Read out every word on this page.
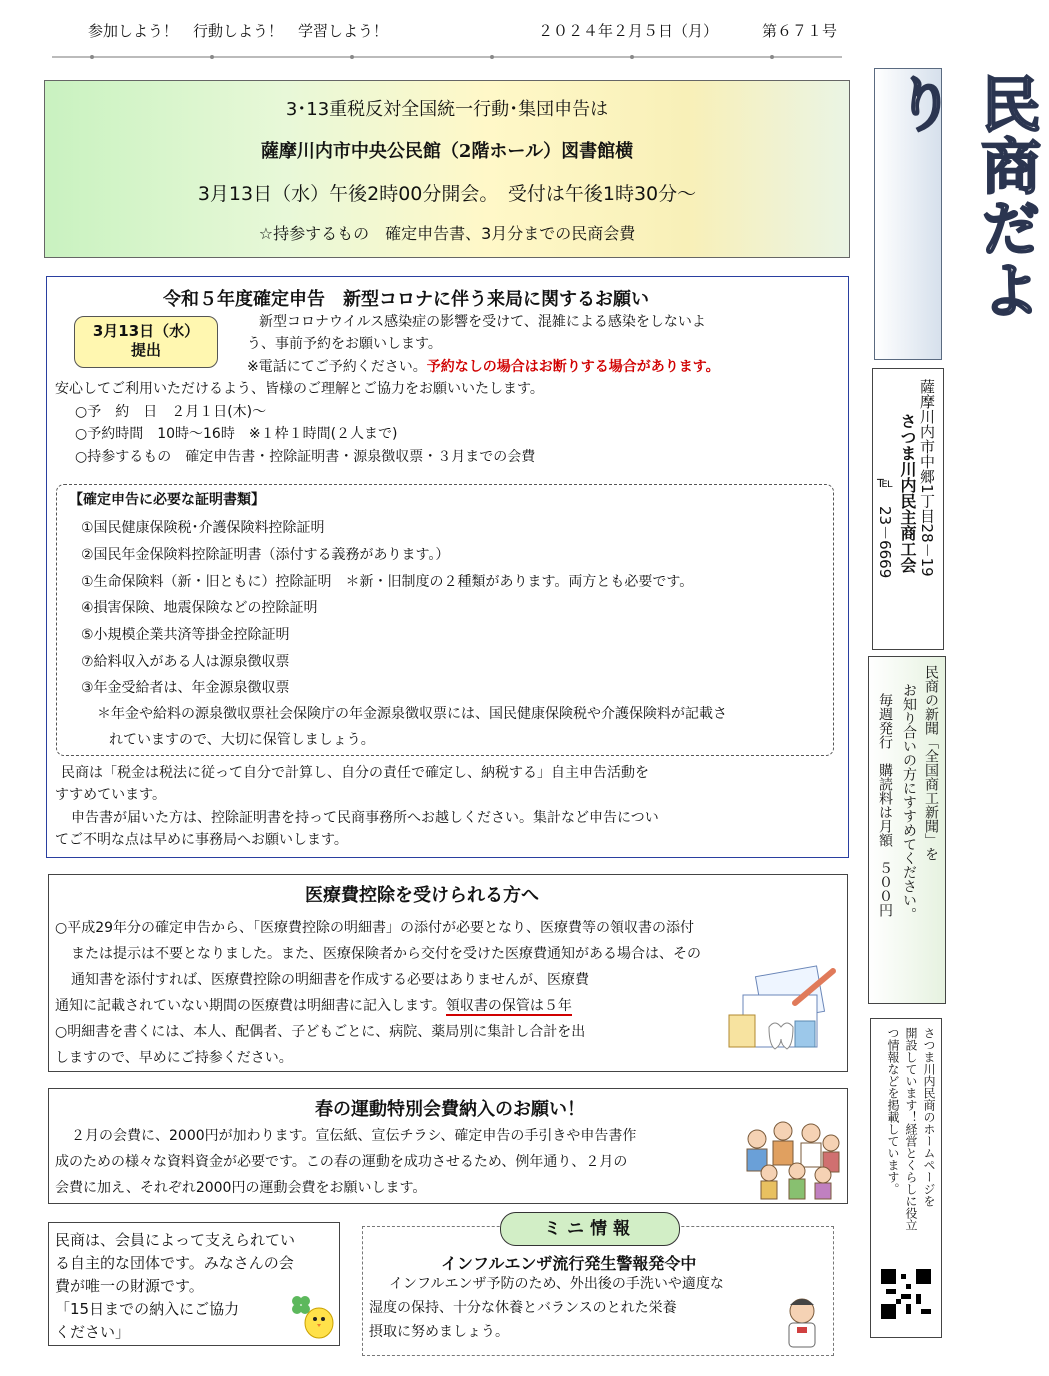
参加しよう！　行動しよう！　学習しよう！	２０２４年２月５日（月）	第６７１号
3･13重税反対全国統一行動･集団申告は
薩摩川内市中央公民館（2階ホール）図書館横
3月13日（水）午後2時00分開会。　受付は午後1時30分～
☆持参するもの　確定申告書、3月分までの民商会費	民商だより
薩摩川内市中郷1丁目28－19
さつま川内民主商工会
℡　23－6669
民商の新聞「全国商工新聞」を
お知り合いの方にすすめてください。
毎週発行　購読料は月額　５００円
さつま川内民商のホームページを
開設しています！経営とくらしに役立
つ情報などを掲載しています。
令和５年度確定申告　新型コロナに伴う来局に関するお願い
新型コロナウイルス感染症の影響を受けて、混雑による感染をしないよ
う、事前予約をお願いします。
※電話にてご予約ください。予約なしの場合はお断りする場合があります。
安心してご利用いただけるよう、皆様のご理解とご協力をお願いいたします。
○予　約　日　２月１日(木)～
○予約時間　10時～16時　※１枠１時間(２人まで)
○持参するもの　確定申告書・控除証明書・源泉徴収票・３月までの会費
民商は「税金は税法に従って自分で計算し、自分の責任で確定し、納税する」自主申告活動を
すすめています。
申告書が届いた方は、控除証明書を持って民商事務所へお越しください。集計など申告につい
てご不明な点は早めに事務局へお願いします。
3月13日（水）
提出
【確定申告に必要な証明書類】
①国民健康保険税･介護保険料控除証明
②国民年金保険料控除証明書（添付する義務があります。）
①生命保険料（新・旧ともに）控除証明　＊新・旧制度の２種類があります。両方とも必要です。
④損害保険、地震保険などの控除証明
⑤小規模企業共済等掛金控除証明
⑦給料収入がある人は源泉徴収票
③年金受給者は、年金源泉徴収票
＊年金や給料の源泉徴収票社会保険庁の年金源泉徴収票には、国民健康保険税や介護保険料が記載さ
れていますので、大切に保管しましょう。
医療費控除を受けられる方へ
○平成29年分の確定申告から、「医療費控除の明細書」の添付が必要となり、医療費等の領収書の添付
または提示は不要となりました。また、医療保険者から交付を受けた医療費通知がある場合は、その
通知書を添付すれば、医療費控除の明細書を作成する必要はありませんが、医療費
通知に記載されていない期間の医療費は明細書に記入します。領収書の保管は５年
○明細書を書くには、本人、配偶者、子どもごとに、病院、薬局別に集計し合計を出
しますので、早めにご持参ください。
春の運動特別会費納入のお願い！
２月の会費に、2000円が加わります。宣伝紙、宣伝チラシ、確定申告の手引きや申告書作
成のための様々な資料資金が必要です。この春の運動を成功させるため、例年通り、２月の
会費に加え、それぞれ2000円の運動会費をお願いします。
民商は、会員によって支えられてい
る自主的な団体です。みなさんの会
費が唯一の財源です。
「15日までの納入にご協力
ください」
インフルエンザ流行発生警報発令中
インフルエンザ予防のため、外出後の手洗いや適度な
湿度の保持、十分な休養とバランスのとれた栄養
摂取に努めましょう。
ミニ情報
